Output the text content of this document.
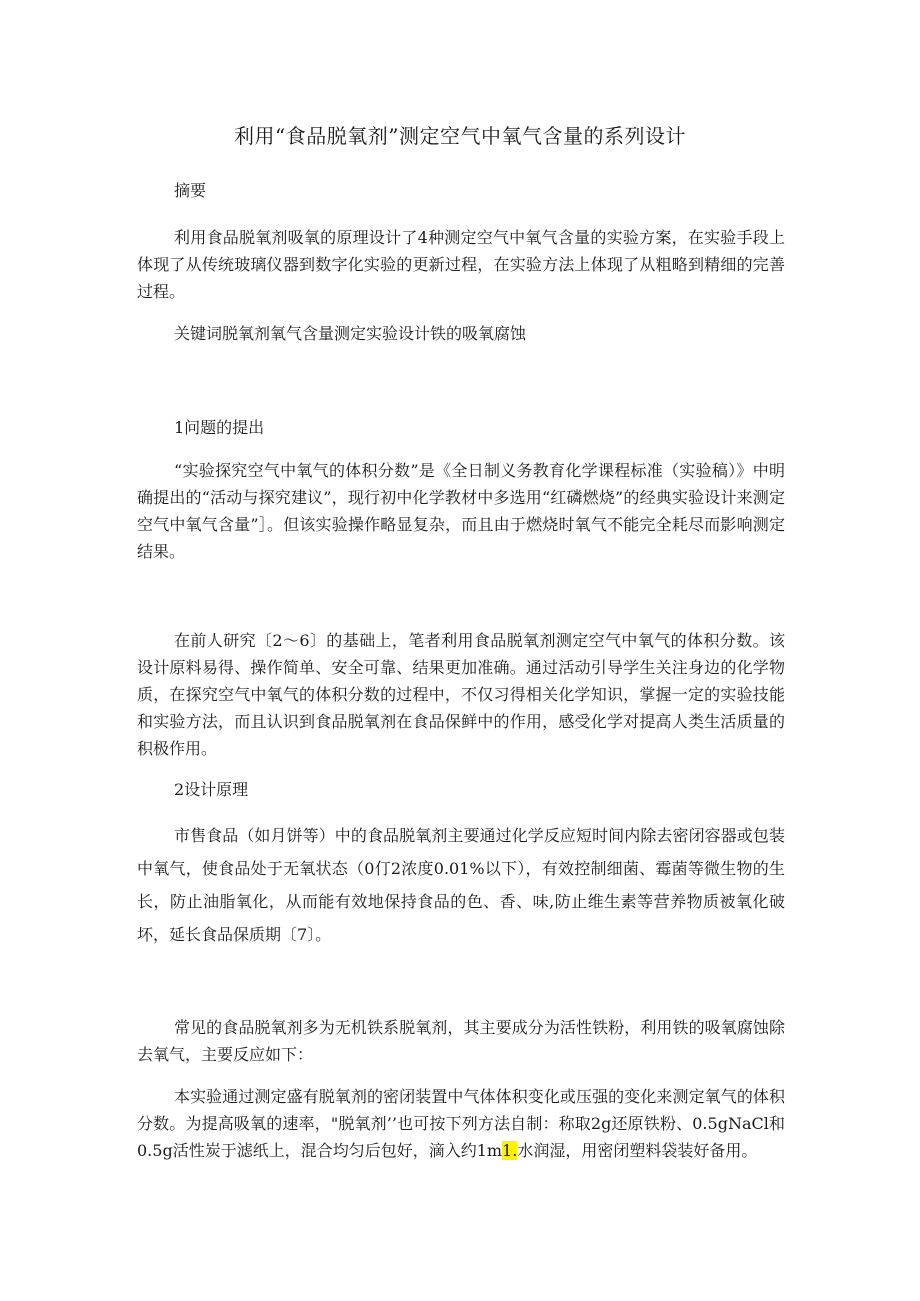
利用“食品脱氧剂”测定空气中氧气含量的系列设计
摘要
利用食品脱氧剂吸氧的原理设计了4种测定空气中氧气含量的实验方案，在实验手段上体现了从传统玻璃仪器到数字化实验的更新过程，在实验方法上体现了从粗略到精细的完善过程。
关键词脱氧剂氧气含量测定实验设计铁的吸氧腐蚀
1问题的提出
“实验探究空气中氧气的体积分数”是《全日制义务教育化学课程标准（实验稿）》中明确提出的“活动与探究建议”，现行初中化学教材中多选用“红磷燃烧”的经典实验设计来测定空气中氧气含量”］。但该实验操作略显复杂，而且由于燃烧时氧气不能完全耗尽而影响测定结果。
在前人研究〔2～6〕的基础上，笔者利用食品脱氧剂测定空气中氧气的体积分数。该设计原料易得、操作简单、安全可靠、结果更加准确。通过活动引导学生关注身边的化学物质，在探究空气中氧气的体积分数的过程中，不仅习得相关化学知识，掌握一定的实验技能和实验方法，而且认识到食品脱氧剂在食品保鲜中的作用，感受化学对提高人类生活质量的积极作用。
2设计原理
市售食品（如月饼等）中的食品脱氧剂主要通过化学反应短时间内除去密闭容器或包装中氧气，使食品处于无氧状态（0仃2浓度0.01%以下），有效控制细菌、霉菌等微生物的生长，防止油脂氧化，从而能有效地保持食品的色、香、味,防止维生素等营养物质被氧化破坏，延长食品保质期〔7〕。
常见的食品脱氧剂多为无机铁系脱氧剂，其主要成分为活性铁粉，利用铁的吸氧腐蚀除去氧气，主要反应如下：
本实验通过测定盛有脱氧剂的密闭装置中气体体积变化或压强的变化来测定氧气的体积分数。为提高吸氧的速率，"脱氧剂’’也可按下列方法自制：称取2g还原铁粉、0.5gNaCl和0.5g活性炭于滤纸上，混合均匀后包好，滴入约1m1.水润湿，用密闭塑料袋装好备用。
